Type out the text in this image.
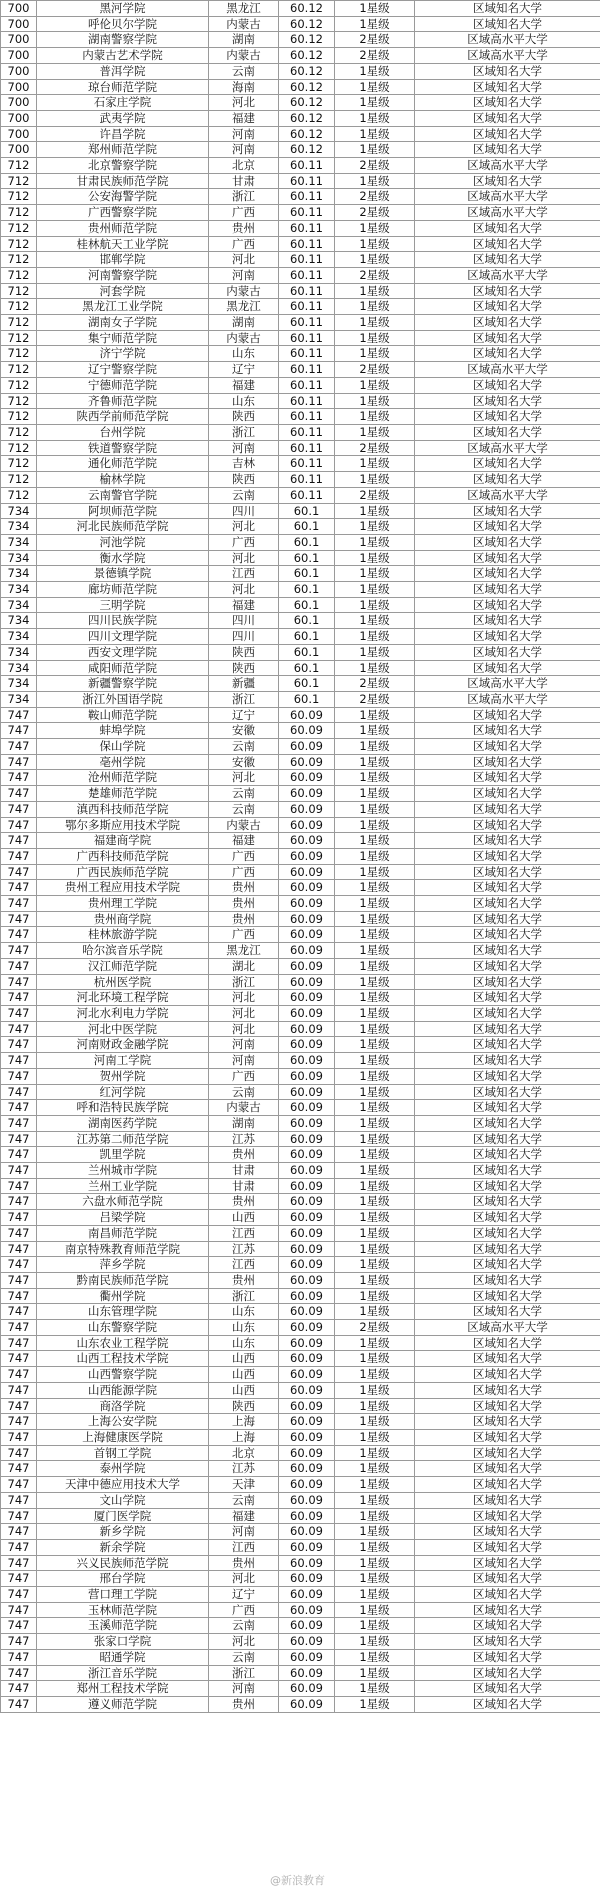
700	黑河学院	黑龙江	60.12	1星级	区域知名大学
700	呼伦贝尔学院	内蒙古	60.12	1星级	区域知名大学
700	湖南警察学院	湖南	60.12	2星级	区域高水平大学
700	内蒙古艺术学院	内蒙古	60.12	2星级	区域高水平大学
700	普洱学院	云南	60.12	1星级	区域知名大学
700	琼台师范学院	海南	60.12	1星级	区域知名大学
700	石家庄学院	河北	60.12	1星级	区域知名大学
700	武夷学院	福建	60.12	1星级	区域知名大学
700	许昌学院	河南	60.12	1星级	区域知名大学
700	郑州师范学院	河南	60.12	1星级	区域知名大学
712	北京警察学院	北京	60.11	2星级	区域高水平大学
712	甘肃民族师范学院	甘肃	60.11	1星级	区域知名大学
712	公安海警学院	浙江	60.11	2星级	区域高水平大学
712	广西警察学院	广西	60.11	2星级	区域高水平大学
712	贵州师范学院	贵州	60.11	1星级	区域知名大学
712	桂林航天工业学院	广西	60.11	1星级	区域知名大学
712	邯郸学院	河北	60.11	1星级	区域知名大学
712	河南警察学院	河南	60.11	2星级	区域高水平大学
712	河套学院	内蒙古	60.11	1星级	区域知名大学
712	黑龙江工业学院	黑龙江	60.11	1星级	区域知名大学
712	湖南女子学院	湖南	60.11	1星级	区域知名大学
712	集宁师范学院	内蒙古	60.11	1星级	区域知名大学
712	济宁学院	山东	60.11	1星级	区域知名大学
712	辽宁警察学院	辽宁	60.11	2星级	区域高水平大学
712	宁德师范学院	福建	60.11	1星级	区域知名大学
712	齐鲁师范学院	山东	60.11	1星级	区域知名大学
712	陕西学前师范学院	陕西	60.11	1星级	区域知名大学
712	台州学院	浙江	60.11	1星级	区域知名大学
712	铁道警察学院	河南	60.11	2星级	区域高水平大学
712	通化师范学院	吉林	60.11	1星级	区域知名大学
712	榆林学院	陕西	60.11	1星级	区域知名大学
712	云南警官学院	云南	60.11	2星级	区域高水平大学
734	阿坝师范学院	四川	60.1	1星级	区域知名大学
734	河北民族师范学院	河北	60.1	1星级	区域知名大学
734	河池学院	广西	60.1	1星级	区域知名大学
734	衡水学院	河北	60.1	1星级	区域知名大学
734	景德镇学院	江西	60.1	1星级	区域知名大学
734	廊坊师范学院	河北	60.1	1星级	区域知名大学
734	三明学院	福建	60.1	1星级	区域知名大学
734	四川民族学院	四川	60.1	1星级	区域知名大学
734	四川文理学院	四川	60.1	1星级	区域知名大学
734	西安文理学院	陕西	60.1	1星级	区域知名大学
734	咸阳师范学院	陕西	60.1	1星级	区域知名大学
734	新疆警察学院	新疆	60.1	2星级	区域高水平大学
734	浙江外国语学院	浙江	60.1	2星级	区域高水平大学
747	鞍山师范学院	辽宁	60.09	1星级	区域知名大学
747	蚌埠学院	安徽	60.09	1星级	区域知名大学
747	保山学院	云南	60.09	1星级	区域知名大学
747	亳州学院	安徽	60.09	1星级	区域知名大学
747	沧州师范学院	河北	60.09	1星级	区域知名大学
747	楚雄师范学院	云南	60.09	1星级	区域知名大学
747	滇西科技师范学院	云南	60.09	1星级	区域知名大学
747	鄂尔多斯应用技术学院	内蒙古	60.09	1星级	区域知名大学
747	福建商学院	福建	60.09	1星级	区域知名大学
747	广西科技师范学院	广西	60.09	1星级	区域知名大学
747	广西民族师范学院	广西	60.09	1星级	区域知名大学
747	贵州工程应用技术学院	贵州	60.09	1星级	区域知名大学
747	贵州理工学院	贵州	60.09	1星级	区域知名大学
747	贵州商学院	贵州	60.09	1星级	区域知名大学
747	桂林旅游学院	广西	60.09	1星级	区域知名大学
747	哈尔滨音乐学院	黑龙江	60.09	1星级	区域知名大学
747	汉江师范学院	湖北	60.09	1星级	区域知名大学
747	杭州医学院	浙江	60.09	1星级	区域知名大学
747	河北环境工程学院	河北	60.09	1星级	区域知名大学
747	河北水利电力学院	河北	60.09	1星级	区域知名大学
747	河北中医学院	河北	60.09	1星级	区域知名大学
747	河南财政金融学院	河南	60.09	1星级	区域知名大学
747	河南工学院	河南	60.09	1星级	区域知名大学
747	贺州学院	广西	60.09	1星级	区域知名大学
747	红河学院	云南	60.09	1星级	区域知名大学
747	呼和浩特民族学院	内蒙古	60.09	1星级	区域知名大学
747	湖南医药学院	湖南	60.09	1星级	区域知名大学
747	江苏第二师范学院	江苏	60.09	1星级	区域知名大学
747	凯里学院	贵州	60.09	1星级	区域知名大学
747	兰州城市学院	甘肃	60.09	1星级	区域知名大学
747	兰州工业学院	甘肃	60.09	1星级	区域知名大学
747	六盘水师范学院	贵州	60.09	1星级	区域知名大学
747	吕梁学院	山西	60.09	1星级	区域知名大学
747	南昌师范学院	江西	60.09	1星级	区域知名大学
747	南京特殊教育师范学院	江苏	60.09	1星级	区域知名大学
747	萍乡学院	江西	60.09	1星级	区域知名大学
747	黔南民族师范学院	贵州	60.09	1星级	区域知名大学
747	衢州学院	浙江	60.09	1星级	区域知名大学
747	山东管理学院	山东	60.09	1星级	区域知名大学
747	山东警察学院	山东	60.09	2星级	区域高水平大学
747	山东农业工程学院	山东	60.09	1星级	区域知名大学
747	山西工程技术学院	山西	60.09	1星级	区域知名大学
747	山西警察学院	山西	60.09	1星级	区域知名大学
747	山西能源学院	山西	60.09	1星级	区域知名大学
747	商洛学院	陕西	60.09	1星级	区域知名大学
747	上海公安学院	上海	60.09	1星级	区域知名大学
747	上海健康医学院	上海	60.09	1星级	区域知名大学
747	首钢工学院	北京	60.09	1星级	区域知名大学
747	泰州学院	江苏	60.09	1星级	区域知名大学
747	天津中德应用技术大学	天津	60.09	1星级	区域知名大学
747	文山学院	云南	60.09	1星级	区域知名大学
747	厦门医学院	福建	60.09	1星级	区域知名大学
747	新乡学院	河南	60.09	1星级	区域知名大学
747	新余学院	江西	60.09	1星级	区域知名大学
747	兴义民族师范学院	贵州	60.09	1星级	区域知名大学
747	邢台学院	河北	60.09	1星级	区域知名大学
747	营口理工学院	辽宁	60.09	1星级	区域知名大学
747	玉林师范学院	广西	60.09	1星级	区域知名大学
747	玉溪师范学院	云南	60.09	1星级	区域知名大学
747	张家口学院	河北	60.09	1星级	区域知名大学
747	昭通学院	云南	60.09	1星级	区域知名大学
747	浙江音乐学院	浙江	60.09	1星级	区域知名大学
747	郑州工程技术学院	河南	60.09	1星级	区域知名大学
747	遵义师范学院	贵州	60.09	1星级	区域知名大学
@新浪教育
